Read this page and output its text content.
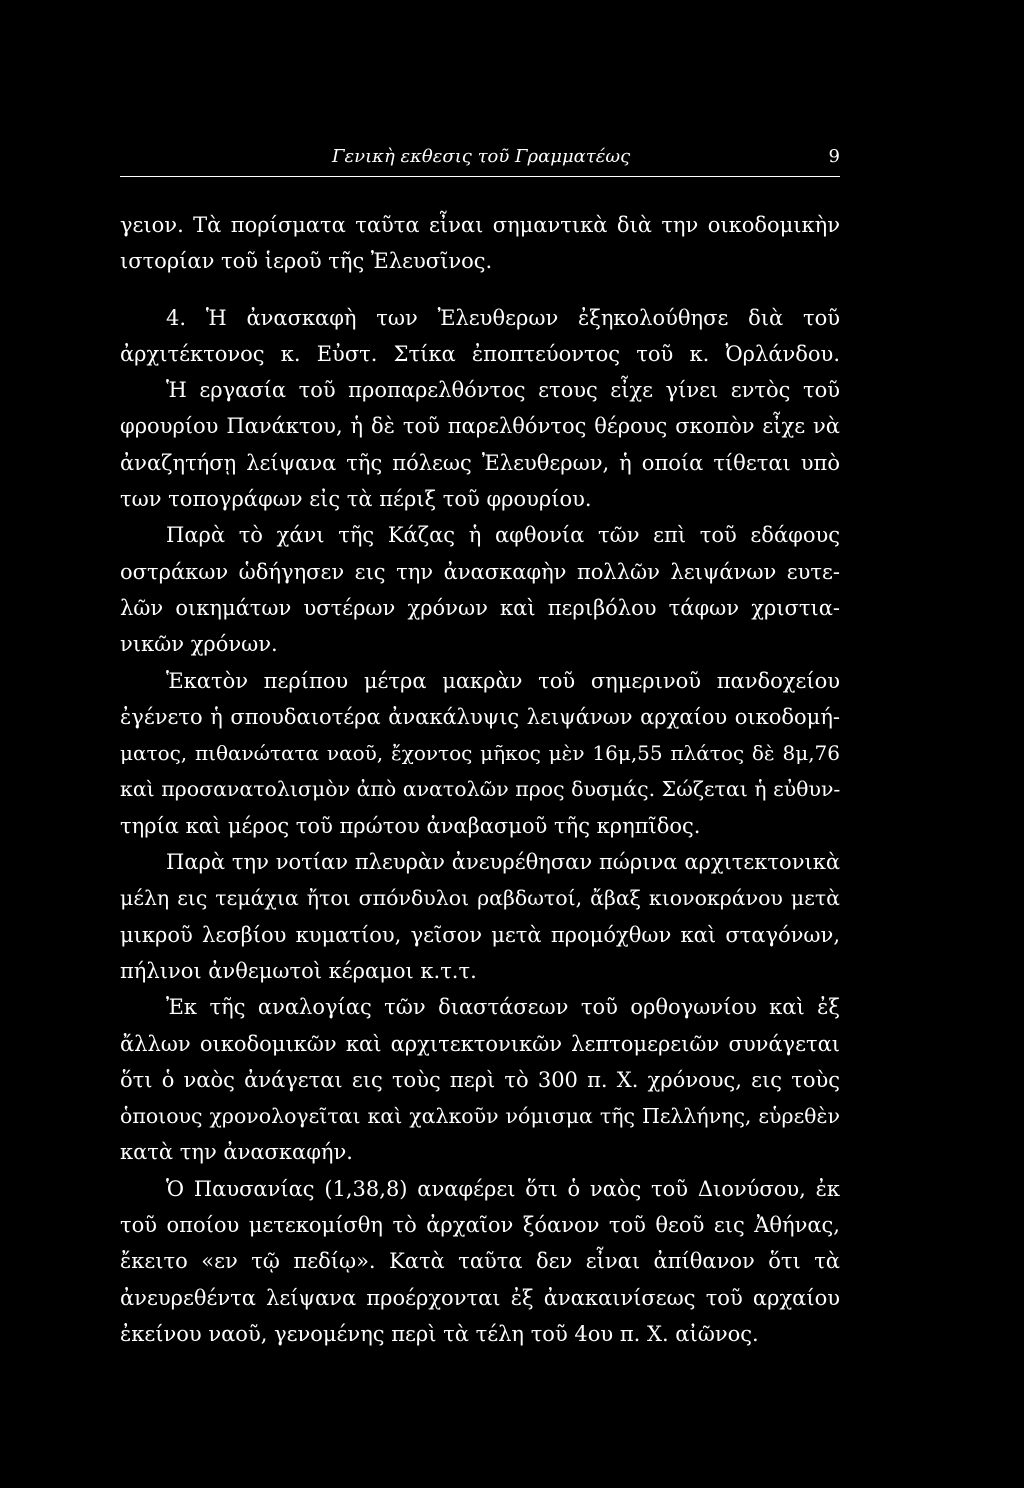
Γενικὴ εκθεσις τοῦ Γραμματέως	9
γειον. Τὰ πορίσματα ταῦτα εἶναι σημαντικὰ διὰ την οικοδομικὴν
ιστορίαν τοῦ ἱεροῦ τῆς Ἐλευσῖνος.
4. Ἡ ἀνασκαφὴ των Ἐλευθερων ἐξηκολούθησε διὰ τοῦ
ἀρχιτέκτονος κ. Εὐστ. Στίκα ἐποπτεύοντος τοῦ κ. Ὀρλάνδου.
Ἡ εργασία τοῦ προπαρελθόντος ετους εἶχε γίνει εντὸς τοῦ
φρουρίου Πανάκτου, ἡ δὲ τοῦ παρελθόντος θέρους σκοπὸν εἶχε νὰ
ἀναζητήσῃ λείψανα τῆς πόλεως Ἐλευθερων, ἡ οποία τίθεται υπὸ
των τοπογράφων εἰς τὰ πέριξ τοῦ φρουρίου.
Παρὰ τὸ χάνι τῆς Κάζας ἡ αφθονία τῶν επὶ τοῦ εδάφους
οστράκων ὡδήγησεν εις την ἀνασκαφὴν πολλῶν λειψάνων ευτε-
λῶν οικημάτων υστέρων χρόνων καὶ περιβόλου τάφων χριστια-
νικῶν χρόνων.
Ἑκατὸν περίπου μέτρα μακρὰν τοῦ σημερινοῦ πανδοχείου
ἐγένετο ἡ σπουδαιοτέρα ἀνακάλυψις λειψάνων αρχαίου οικοδομή-
ματος, πιθανώτατα ναοῦ, ἔχοντος μῆκος μὲν 16μ,55 πλάτος δὲ 8μ,76
καὶ προσανατολισμὸν ἀπὸ ανατολῶν προς δυσμάς. Σώζεται ἡ εὐθυν-
τηρία καὶ μέρος τοῦ πρώτου ἀναβασμοῦ τῆς κρηπῖδος.
Παρὰ την νοτίαν πλευρὰν ἀνευρέθησαν πώρινα αρχιτεκτονικὰ
μέλη εις τεμάχια ἤτοι σπόνδυλοι ραβδωτοί, ἄβαξ κιονοκράνου μετὰ
μικροῦ λεσβίου κυματίου, γεῖσον μετὰ προμόχθων καὶ σταγόνων,
πήλινοι ἀνθεμωτοὶ κέραμοι κ.τ.τ.
Ἐκ τῆς αναλογίας τῶν διαστάσεων τοῦ ορθογωνίου καὶ ἐξ
ἄλλων οικοδομικῶν καὶ αρχιτεκτονικῶν λεπτομερειῶν συνάγεται
ὅτι ὁ ναὸς ἀνάγεται εις τοὺς περὶ τὸ 300 π. Χ. χρόνους, εις τοὺς
ὁποιους χρονολογεῖται καὶ χαλκοῦν νόμισμα τῆς Πελλήνης, εὑρεθὲν
κατὰ την ἀνασκαφήν.
Ὁ Παυσανίας (1,38,8) αναφέρει ὅτι ὁ ναὸς τοῦ Διονύσου, ἐκ
τοῦ οποίου μετεκομίσθη τὸ ἀρχαῖον ξόανον τοῦ θεοῦ εις Ἀθήνας,
ἔκειτο «εν τῷ πεδίῳ». Κατὰ ταῦτα δεν εἶναι ἀπίθανον ὅτι τὰ
ἀνευρεθέντα λείψανα προέρχονται ἐξ ἀνακαινίσεως τοῦ αρχαίου
ἐκείνου ναοῦ, γενομένης περὶ τὰ τέλη τοῦ 4ου π. Χ. αἰῶνος.
